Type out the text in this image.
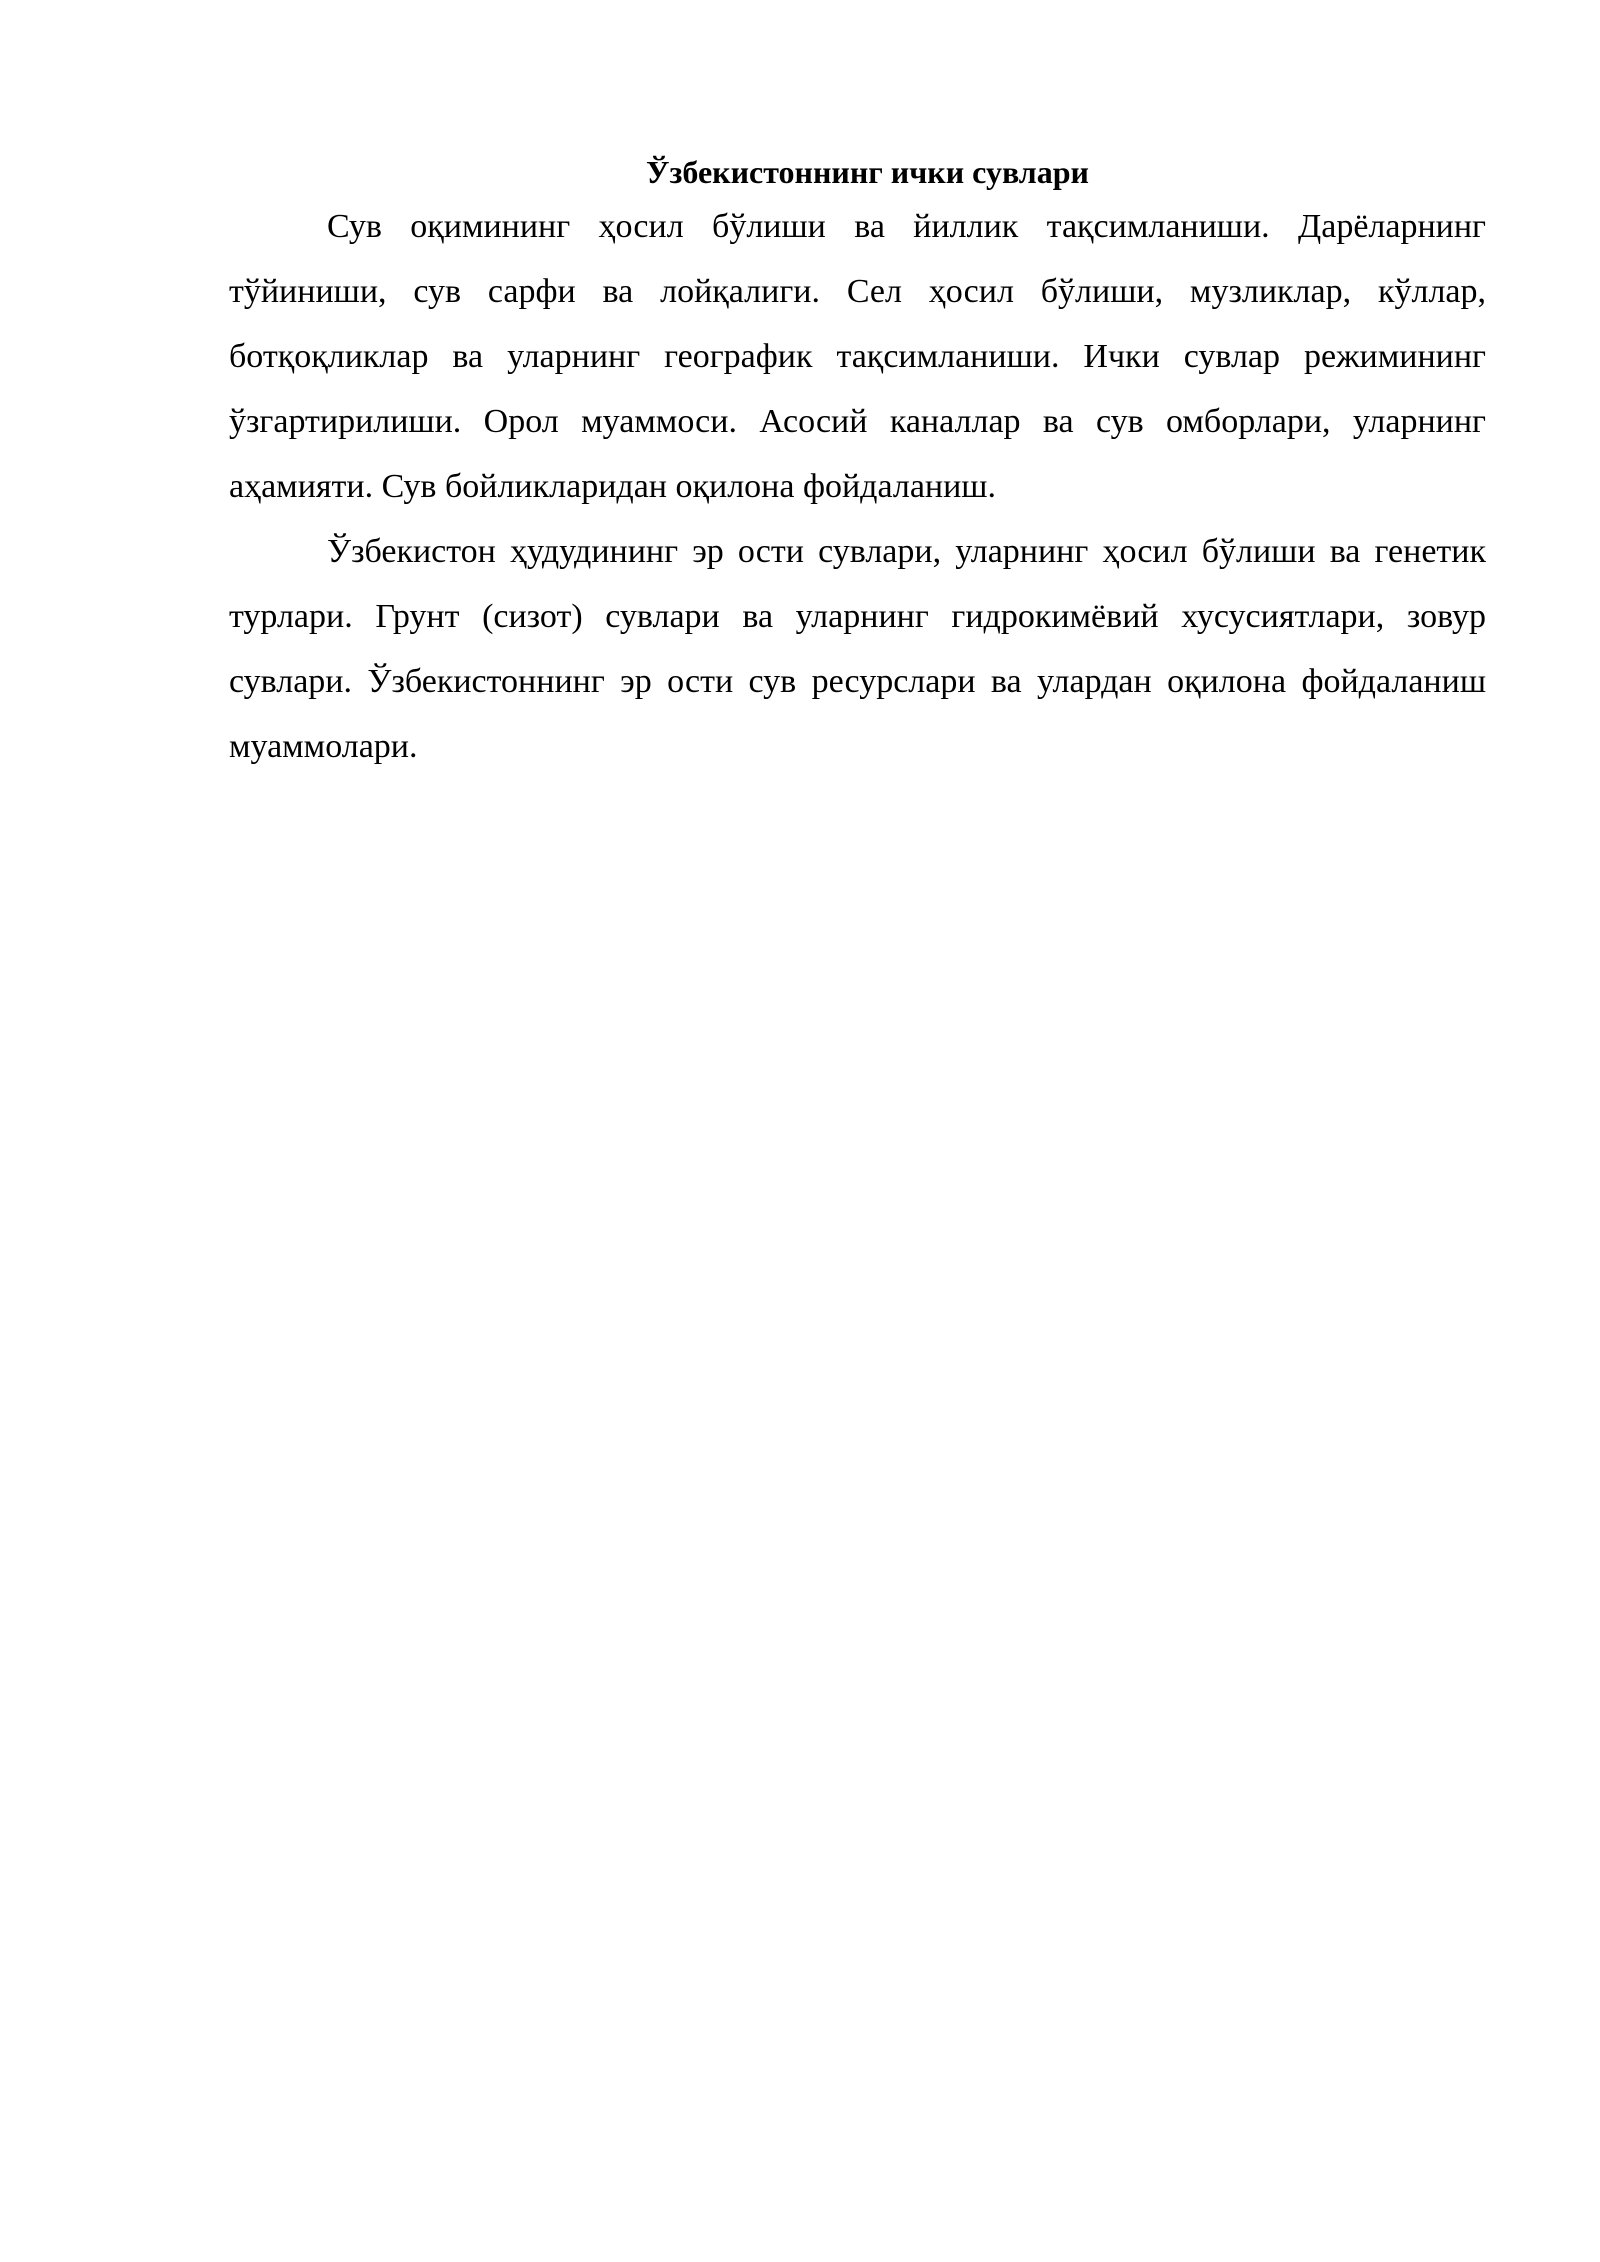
Ўзбекистоннинг ички сувлари

Сув оқимининг ҳосил бўлиши ва йиллик тақсимланиши. Дарёларнинг тўйиниши, сув сарфи ва лойқалиги. Сел ҳосил бўлиши, музликлар, кўллар, ботқоқликлар ва уларнинг географик тақсимланиши. Ички сувлар режимининг ўзгартирилиши. Орол муаммоси. Асосий каналлар ва сув омборлари, уларнинг аҳамияти. Сув бойликларидан оқилона фойдаланиш.

Ўзбекистон ҳудудининг эр ости сувлари, уларнинг ҳосил бўлиши ва генетик турлари. Грунт (сизот) сувлари ва уларнинг гидрокимёвий хусусиятлари, зовур сувлари. Ўзбекистоннинг эр ости сув ресурслари ва улардан оқилона фойдаланиш муаммолари.
